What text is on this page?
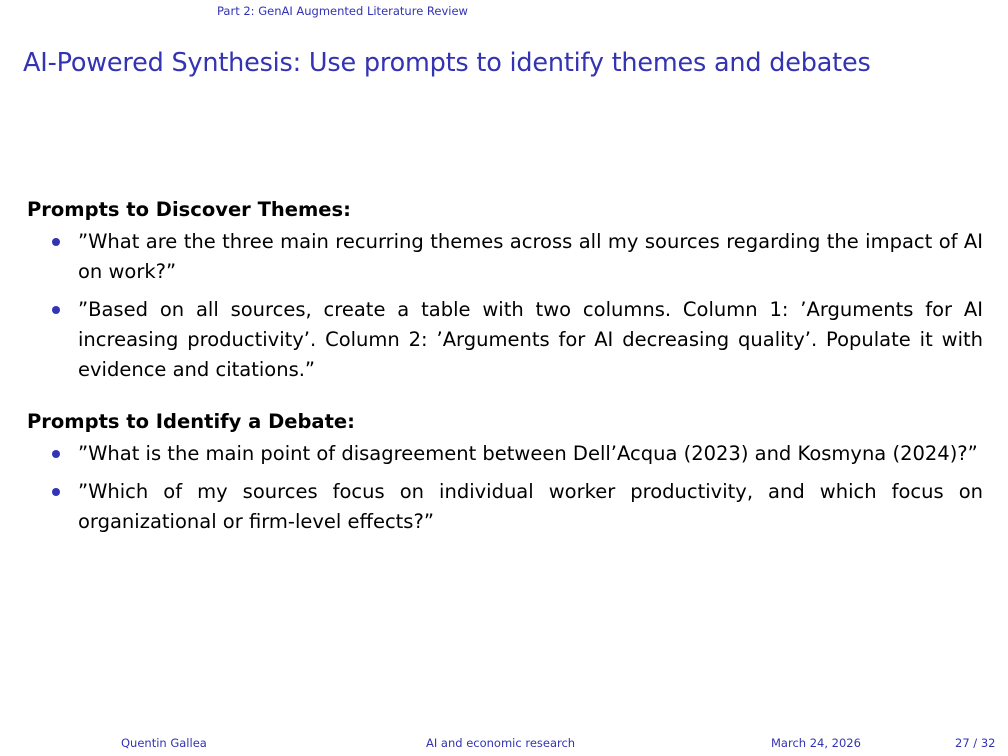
Part 2: GenAI Augmented Literature Review
AI-Powered Synthesis: Use prompts to identify themes and debates

Prompts to Discover Themes:

”What are the three main recurring themes across all my sources regarding the impact of AI on work?”
”Based on all sources, create a table with two columns. Column 1: ’Arguments for AI increasing productivity’. Column 2: ’Arguments for AI decreasing quality’. Populate it with evidence and citations.”

Prompts to Identify a Debate:

”What is the main point of disagreement between Dell’Acqua (2023) and Kosmyna (2024)?”
”Which of my sources focus on individual worker productivity, and which focus on organizational or firm-level effects?”
Quentin Gallea	AI and economic research	March 24, 2026	27 / 32
